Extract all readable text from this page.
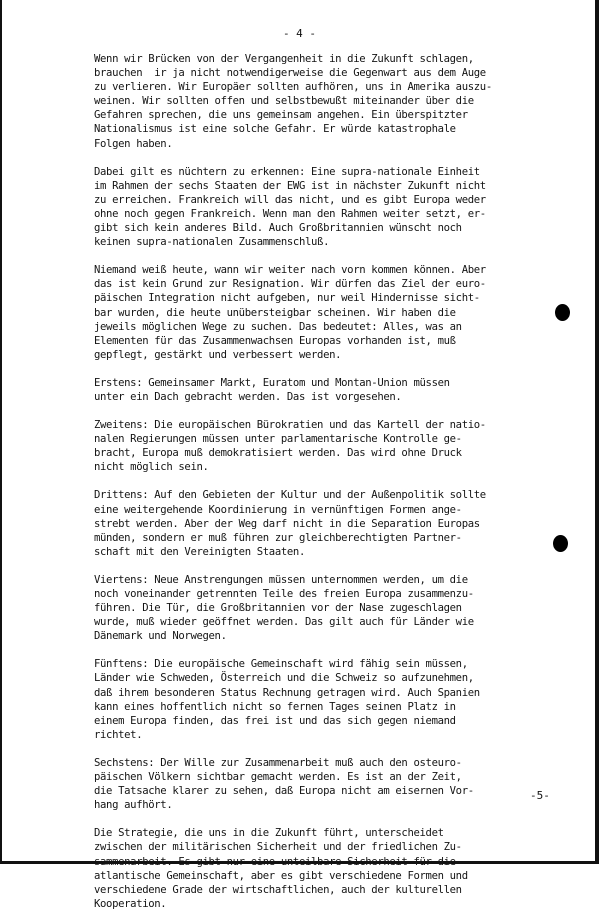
- 4 -

Wenn wir Brücken von der Vergangenheit in die Zukunft schlagen,
brauchen  ir ja nicht notwendigerweise die Gegenwart aus dem Auge
zu verlieren. Wir Europäer sollten aufhören, uns in Amerika auszu-
weinen. Wir sollten offen und selbstbewußt miteinander über die
Gefahren sprechen, die uns gemeinsam angehen. Ein überspitzter
Nationalismus ist eine solche Gefahr. Er würde katastrophale
Folgen haben.

Dabei gilt es nüchtern zu erkennen: Eine supra-nationale Einheit
im Rahmen der sechs Staaten der EWG ist in nächster Zukunft nicht
zu erreichen. Frankreich will das nicht, und es gibt Europa weder
ohne noch gegen Frankreich. Wenn man den Rahmen weiter setzt, er-
gibt sich kein anderes Bild. Auch Großbritannien wünscht noch
keinen supra-nationalen Zusammenschluß.

Niemand weiß heute, wann wir weiter nach vorn kommen können. Aber
das ist kein Grund zur Resignation. Wir dürfen das Ziel der euro-
päischen Integration nicht aufgeben, nur weil Hindernisse sicht-
bar wurden, die heute unübersteigbar scheinen. Wir haben die
jeweils möglichen Wege zu suchen. Das bedeutet: Alles, was an
Elementen für das Zusammenwachsen Europas vorhanden ist, muß
gepflegt, gestärkt und verbessert werden.

Erstens: Gemeinsamer Markt, Euratom und Montan-Union müssen
unter ein Dach gebracht werden. Das ist vorgesehen.

Zweitens: Die europäischen Bürokratien und das Kartell der natio-
nalen Regierungen müssen unter parlamentarische Kontrolle ge-
bracht, Europa muß demokratisiert werden. Das wird ohne Druck
nicht möglich sein.

Drittens: Auf den Gebieten der Kultur und der Außenpolitik sollte
eine weitergehende Koordinierung in vernünftigen Formen ange-
strebt werden. Aber der Weg darf nicht in die Separation Europas
münden, sondern er muß führen zur gleichberechtigten Partner-
schaft mit den Vereinigten Staaten.

Viertens: Neue Anstrengungen müssen unternommen werden, um die
noch voneinander getrennten Teile des freien Europa zusammenzu-
führen. Die Tür, die Großbritannien vor der Nase zugeschlagen
wurde, muß wieder geöffnet werden. Das gilt auch für Länder wie
Dänemark und Norwegen.

Fünftens: Die europäische Gemeinschaft wird fähig sein müssen,
Länder wie Schweden, Österreich und die Schweiz so aufzunehmen,
daß ihrem besonderen Status Rechnung getragen wird. Auch Spanien
kann eines hoffentlich nicht so fernen Tages seinen Platz in
einem Europa finden, das frei ist und das sich gegen niemand
richtet.

Sechstens: Der Wille zur Zusammenarbeit muß auch den osteuro-
päischen Völkern sichtbar gemacht werden. Es ist an der Zeit,
die Tatsache klarer zu sehen, daß Europa nicht am eisernen Vor-
hang aufhört.

Die Strategie, die uns in die Zukunft führt, unterscheidet
zwischen der militärischen Sicherheit und der friedlichen Zu-
sammenarbeit. Es gibt nur eine unteilbare Sicherheit für die
atlantische Gemeinschaft, aber es gibt verschiedene Formen und
verschiedene Grade der wirtschaftlichen, auch der kulturellen
Kooperation.

-5-
